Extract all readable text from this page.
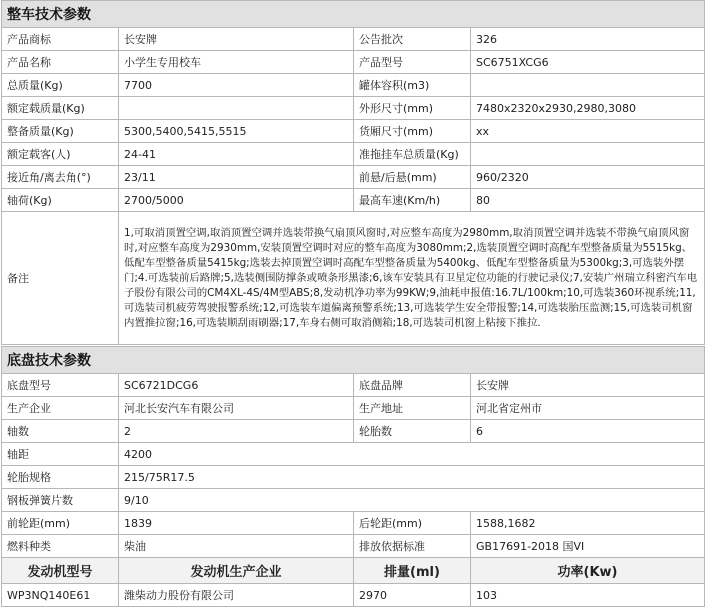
整车技术参数			
产品商标	长安牌	公告批次	326
产品名称	小学生专用校车	产品型号	SC6751XCG6
总质量(Kg)	7700	罐体容积(m3)	
额定载质量(Kg)		外形尺寸(mm)	7480x2320x2930,2980,3080
整备质量(Kg)	5300,5400,5415,5515	货厢尺寸(mm)	xx
额定载客(人)	24-41	准拖挂车总质量(Kg)	
接近角/离去角(°)	23/11	前悬/后悬(mm)	960/2320
轴荷(Kg)	2700/5000	最高车速(Km/h)	80
备注	1,可取消顶置空调,取消顶置空调并选装带换气扇顶风窗时,对应整车高度为2980mm,取消顶置空调并选装不带换气扇顶风窗时,对应整车高度为2930mm,安装顶置空调时对应的整车高度为3080mm;2,选装顶置空调时高配车型整备质量为5515kg、低配车型整备质量5415kg;选装去掉顶置空调时高配车型整备质量为5400kg、低配车型整备质量为5300kg;3,可选装外摆门;4.可选装前后路牌;5,选装侧围防撑条或喷条形黑漆;6,该车安装具有卫星定位功能的行驶记录仪;7,安装广州瑞立科密汽车电子股份有限公司的CM4XL-4S/4M型ABS;8,发动机净功率为99KW;9,油耗申报值:16.7L/100km;10,可选装360环视系统;11,可选装司机疲劳驾驶报警系统;12,可选装车道偏离预警系统;13,可选装学生安全带报警;14,可选装胎压监测;15,可选装司机窗内置推拉窗;16,可选装顺刮雨刷器;17,车身右侧可取消侧箱;18,可选装司机窗上粘接下推拉.		
底盘技术参数			
底盘型号	SC6721DCG6	底盘品牌	长安牌
生产企业	河北长安汽车有限公司	生产地址	河北省定州市
轴数	2	轮胎数	6
轴距	4200		
轮胎规格	215/75R17.5		
钢板弹簧片数	9/10		
前轮距(mm)	1839	后轮距(mm)	1588,1682
燃料种类	柴油	排放依据标准	GB17691-2018 国VI
发动机型号	发动机生产企业	排量(ml)	功率(Kw)
WP3NQ140E61	潍柴动力股份有限公司	2970	103
